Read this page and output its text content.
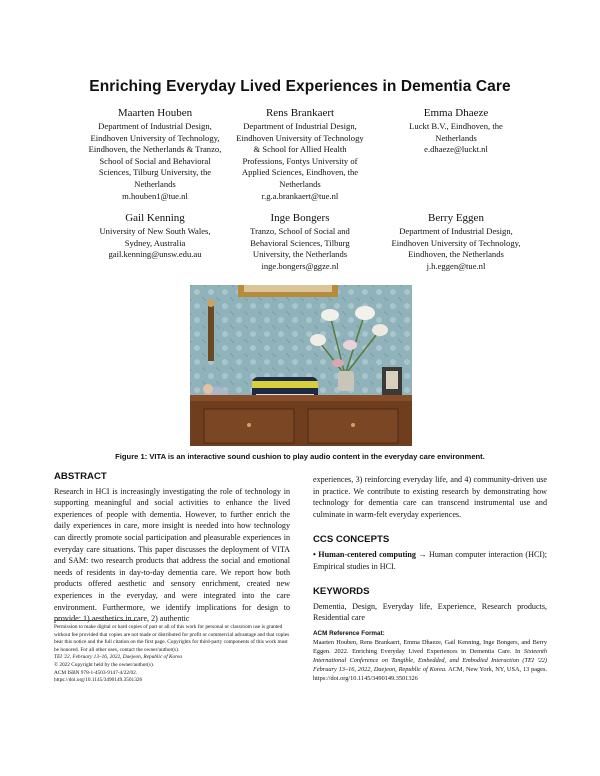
Enriching Everyday Lived Experiences in Dementia Care
Maarten Houben
Department of Industrial Design,
Eindhoven University of Technology,
Eindhoven, the Netherlands & Tranzo,
School of Social and Behavioral
Sciences, Tilburg University, the
Netherlands
m.houben1@tue.nl
Rens Brankaert
Department of Industrial Design,
Eindhoven University of Technology
& School for Allied Health
Professions, Fontys University of
Applied Sciences, Eindhoven, the
Netherlands
r.g.a.brankaert@tue.nl
Emma Dhaeze
Luckt B.V., Eindhoven, the
Netherlands
e.dhaeze@luckt.nl
Gail Kenning
University of New South Wales,
Sydney, Australia
gail.kenning@unsw.edu.au
Inge Bongers
Tranzo, School of Social and
Behavioral Sciences, Tilburg
University, the Netherlands
inge.bongers@ggze.nl
Berry Eggen
Department of Industrial Design,
Eindhoven University of Technology,
Eindhoven, the Netherlands
j.h.eggen@tue.nl
Figure 1: VITA is an interactive sound cushion to play audio content in the everyday care environment.
ABSTRACT
Research in HCI is increasingly investigating the role of technology in supporting meaningful and social activities to enhance the lived experiences of people with dementia. However, to further enrich the daily experiences in care, more insight is needed into how technology can directly promote social participation and pleasurable experiences in everyday care situations. This paper discusses the deployment of VITA and SAM: two research products that address the social and emotional needs of residents in day-to-day dementia care. We report how both products offered aesthetic and sensory enrichment, created new experiences in the everyday, and were integrated into the care environment. Furthermore, we identify implications for design to provide: 1) aesthetics in care, 2) authentic
experiences, 3) reinforcing everyday life, and 4) community-driven use in practice. We contribute to existing research by demonstrating how technology for dementia care can transcend instrumental use and culminate in warm-felt everyday experiences.
CCS CONCEPTS
• Human-centered computing → Human computer interaction (HCI); Empirical studies in HCI.
KEYWORDS
Dementia, Design, Everyday life, Experience, Research products, Residential care
Permission to make digital or hard copies of part or all of this work for personal or classroom use is granted without fee provided that copies are not made or distributed for profit or commercial advantage and that copies bear this notice and the full citation on the first page. Copyrights for third-party components of this work must be honored. For all other uses, contact the owner/author(s).
TEI '22, February 13–16, 2022, Daejeon, Republic of Korea
© 2022 Copyright held by the owner/author(s).
ACM ISBN 978-1-4503-9147-4/22/02.
https://doi.org/10.1145/3490149.3501326
ACM Reference Format:
Maarten Houben, Rens Brankaert, Emma Dhaeze, Gail Kenning, Inge Bongers, and Berry Eggen. 2022. Enriching Everyday Lived Experiences in Dementia Care. In Sixteenth International Conference on Tangible, Embedded, and Embodied Interaction (TEI '22) February 13–16, 2022, Daejeon, Republic of Korea. ACM, New York, NY, USA, 13 pages. https://doi.org/10.1145/3490149.3501326
